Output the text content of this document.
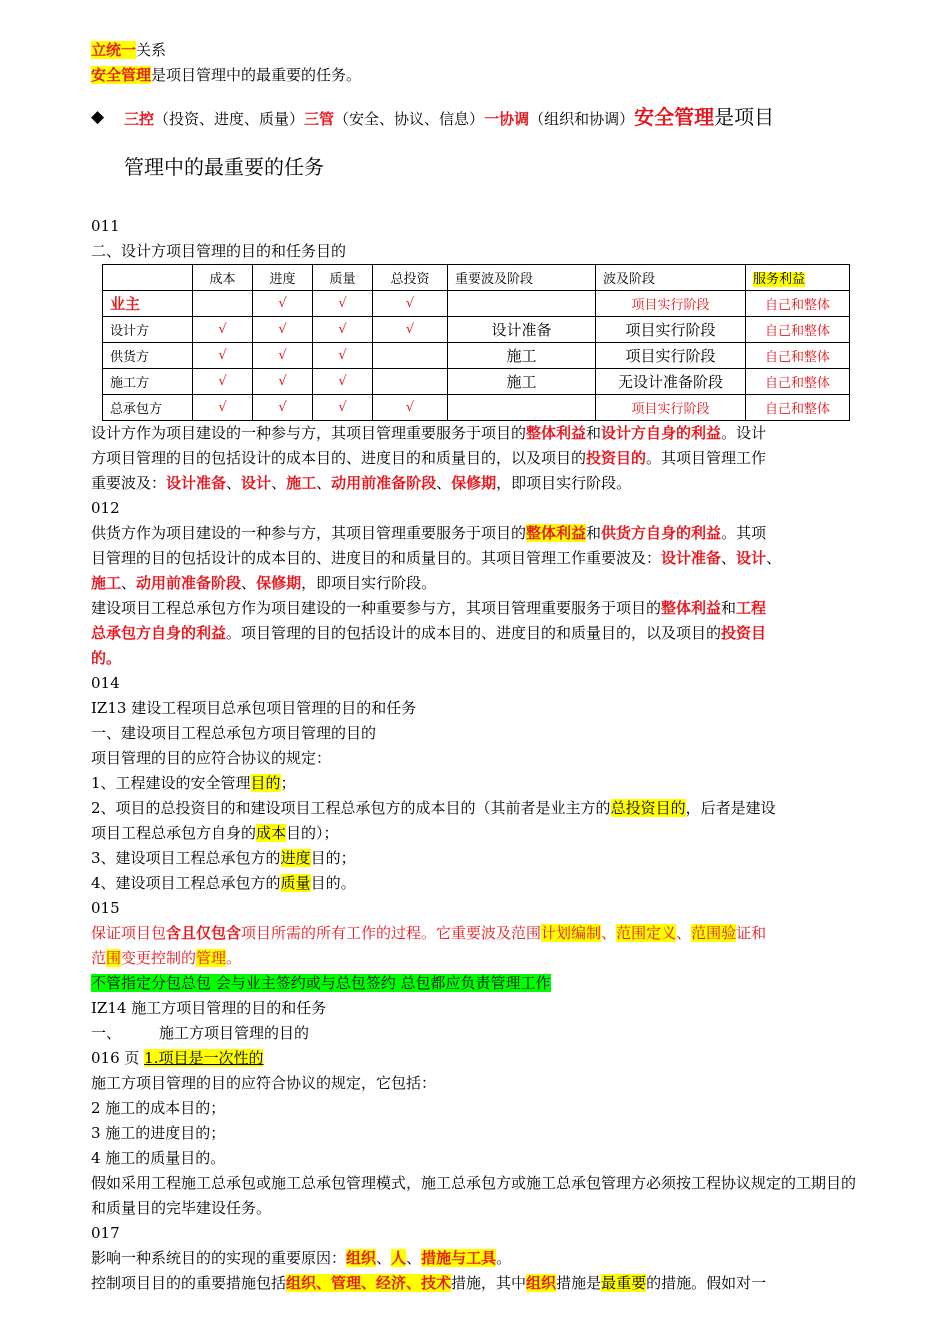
立统一关系
安全管理是项目管理中的最重要的任务。
◆ 三控（投资、进度、质量）三管（安全、协议、信息）一协调（组织和协调）安全管理是项目
管理中的最重要的任务
011
二、设计方项目管理的目的和任务目的
	成本	进度	质量	总投资	重要波及阶段	波及阶段	服务利益
业主		√	√	√		项目实行阶段	自己和整体
设计方	√	√	√	√	设计准备	项目实行阶段	自己和整体
供货方	√	√	√		施工	项目实行阶段	自己和整体
施工方	√	√	√		施工	无设计准备阶段	自己和整体
总承包方	√	√	√	√		项目实行阶段	自己和整体
设计方作为项目建设的一种参与方，其项目管理重要服务于项目的整体利益和设计方自身的利益。设计
方项目管理的目的包括设计的成本目的、进度目的和质量目的，以及项目的投资目的。其项目管理工作
重要波及：设计准备、设计、施工、动用前准备阶段、保修期，即项目实行阶段。
012
供货方作为项目建设的一种参与方，其项目管理重要服务于项目的整体利益和供货方自身的利益。其项
目管理的目的包括设计的成本目的、进度目的和质量目的。其项目管理工作重要波及：设计准备、设计、
施工、动用前准备阶段、保修期，即项目实行阶段。
建设项目工程总承包方作为项目建设的一种重要参与方，其项目管理重要服务于项目的整体利益和工程
总承包方自身的利益。项目管理的目的包括设计的成本目的、进度目的和质量目的，以及项目的投资目
的。
014
IZ13 建设工程项目总承包项目管理的目的和任务
一、建设项目工程总承包方项目管理的目的
项目管理的目的应符合协议的规定：
1、工程建设的安全管理目的；
2、项目的总投资目的和建设项目工程总承包方的成本目的（其前者是业主方的总投资目的，后者是建设
项目工程总承包方自身的成本目的）；
3、建设项目工程总承包方的进度目的；
4、建设项目工程总承包方的质量目的。
015
保证项目包含且仅包含项目所需的所有工作的过程。它重要波及范围计划编制、范围定义、范围验证和
范围变更控制的管理。
不管指定分包总包 会与业主签约或与总包签约 总包都应负责管理工作
IZ14 施工方项目管理的目的和任务
一、	施工方项目管理的目的
016 页 1.项目是一次性的
施工方项目管理的目的应符合协议的规定，它包括：
2 施工的成本目的；
3 施工的进度目的；
4 施工的质量目的。
假如采用工程施工总承包或施工总承包管理模式，施工总承包方或施工总承包管理方必须按工程协议规定的工期目的和质量目的完毕建设任务。
017
影响一种系统目的的实现的重要原因：组织、人、措施与工具。
控制项目目的的重要措施包括组织、管理、经济、技术措施，其中组织措施是最重要的措施。假如对一
